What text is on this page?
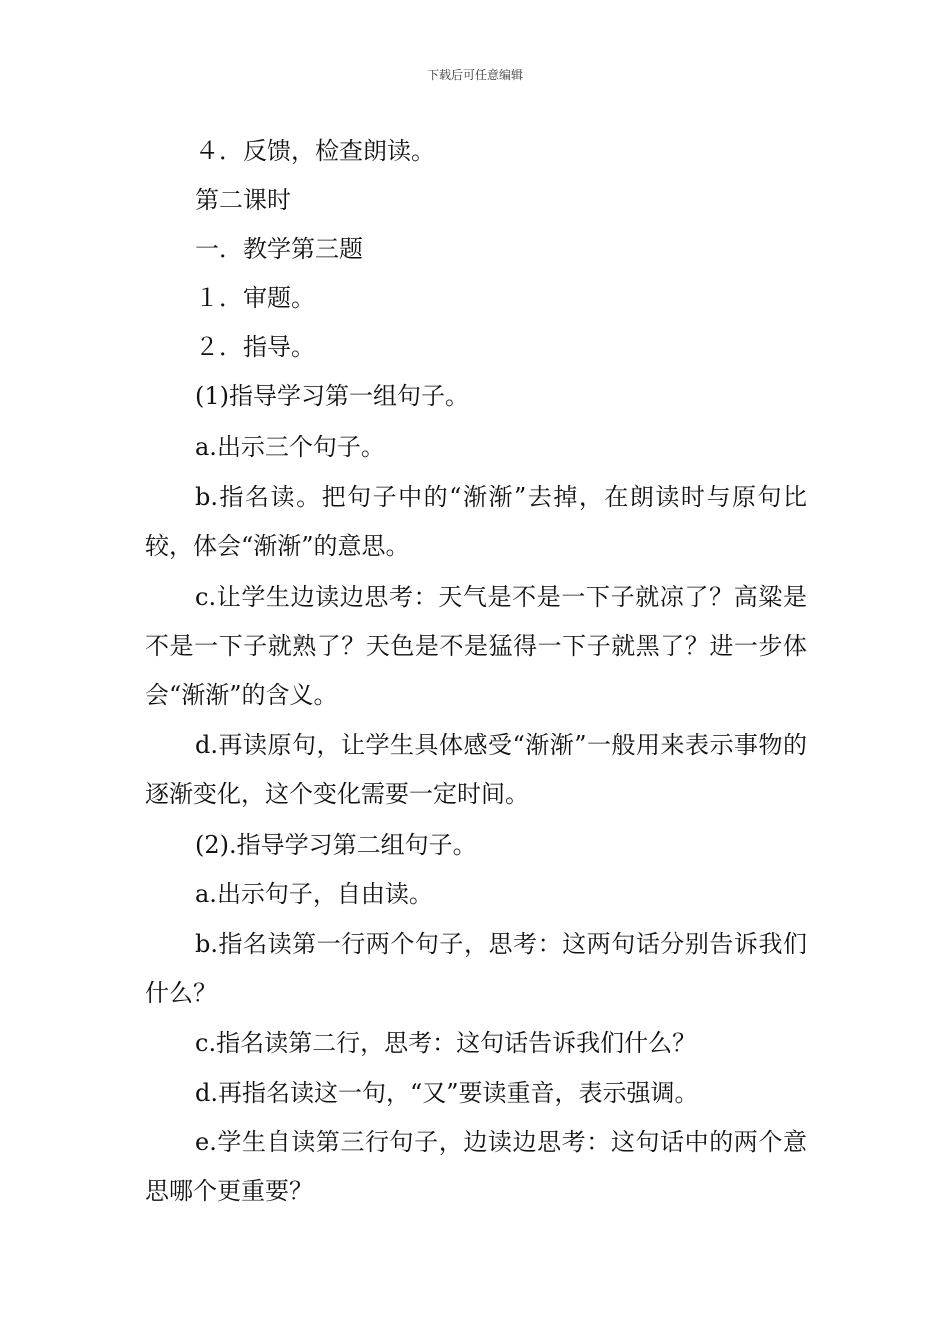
下载后可任意编辑

４．反馈，检查朗读。

第二课时

一．教学第三题

１．审题。

２．指导。

(1)指导学习第一组句子。

a.出示三个句子。

b.指名读。把句子中的“渐渐”去掉，在朗读时与原句比较，体会“渐渐”的意思。

c.让学生边读边思考：天气是不是一下子就凉了？高粱是不是一下子就熟了？天色是不是猛得一下子就黑了？进一步体会“渐渐”的含义。

d.再读原句，让学生具体感受“渐渐”一般用来表示事物的逐渐变化，这个变化需要一定时间。

(2).指导学习第二组句子。

a.出示句子，自由读。

b.指名读第一行两个句子，思考：这两句话分别告诉我们什么？

c.指名读第二行，思考：这句话告诉我们什么？

d.再指名读这一句，“又”要读重音，表示强调。

e.学生自读第三行句子，边读边思考：这句话中的两个意思哪个更重要？
